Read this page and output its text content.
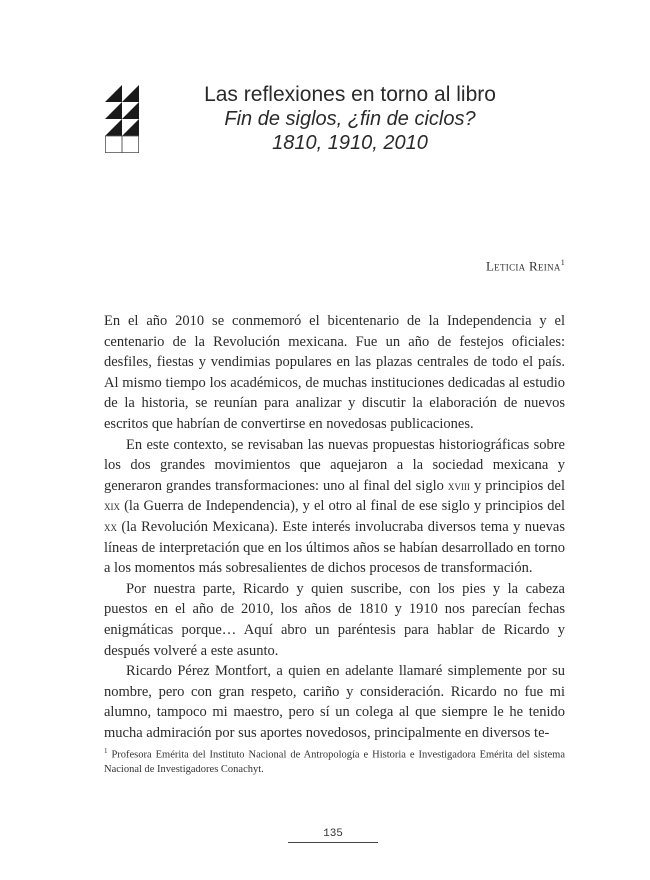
Las reflexiones en torno al libro
Fin de siglos, ¿fin de ciclos?
1810, 1910, 2010
Leticia Reina$^1$

En el año 2010 se conmemoró el bicentenario de la Independencia y el centenario de la Revolución mexicana. Fue un año de festejos oficiales: desfiles, fiestas y vendimias populares en las plazas centrales de todo el país. Al mismo tiempo los académicos, de muchas instituciones dedicadas al estudio de la historia, se reunían para analizar y discutir la elaboración de nuevos escritos que habrían de convertirse en novedosas publicaciones.

En este contexto, se revisaban las nuevas propuestas historiográficas sobre los dos grandes movimientos que aquejaron a la sociedad mexicana y generaron grandes transformaciones: uno al final del siglo xviii y principios del xix (la Guerra de Independencia), y el otro al final de ese siglo y principios del xx (la Revolución Mexicana). Este interés involucraba diversos tema y nuevas líneas de interpretación que en los últimos años se habían desarrollado en torno a los momentos más sobresalientes de dichos procesos de transformación.

Por nuestra parte, Ricardo y quien suscribe, con los pies y la cabeza puestos en el año de 2010, los años de 1810 y 1910 nos parecían fechas enigmáticas porque… Aquí abro un paréntesis para hablar de Ricardo y después volveré a este asunto.

Ricardo Pérez Montfort, a quien en adelante llamaré simplemente por su nombre, pero con gran respeto, cariño y consideración. Ricardo no fue mi alumno, tampoco mi maestro, pero sí un colega al que siempre le he tenido mucha admiración por sus aportes novedosos, principalmente en diversos te-

$^1$ Profesora Emérita del Instituto Nacional de Antropología e Historia e Investigadora Emérita del sistema Nacional de Investigadores Conachyt.
135
